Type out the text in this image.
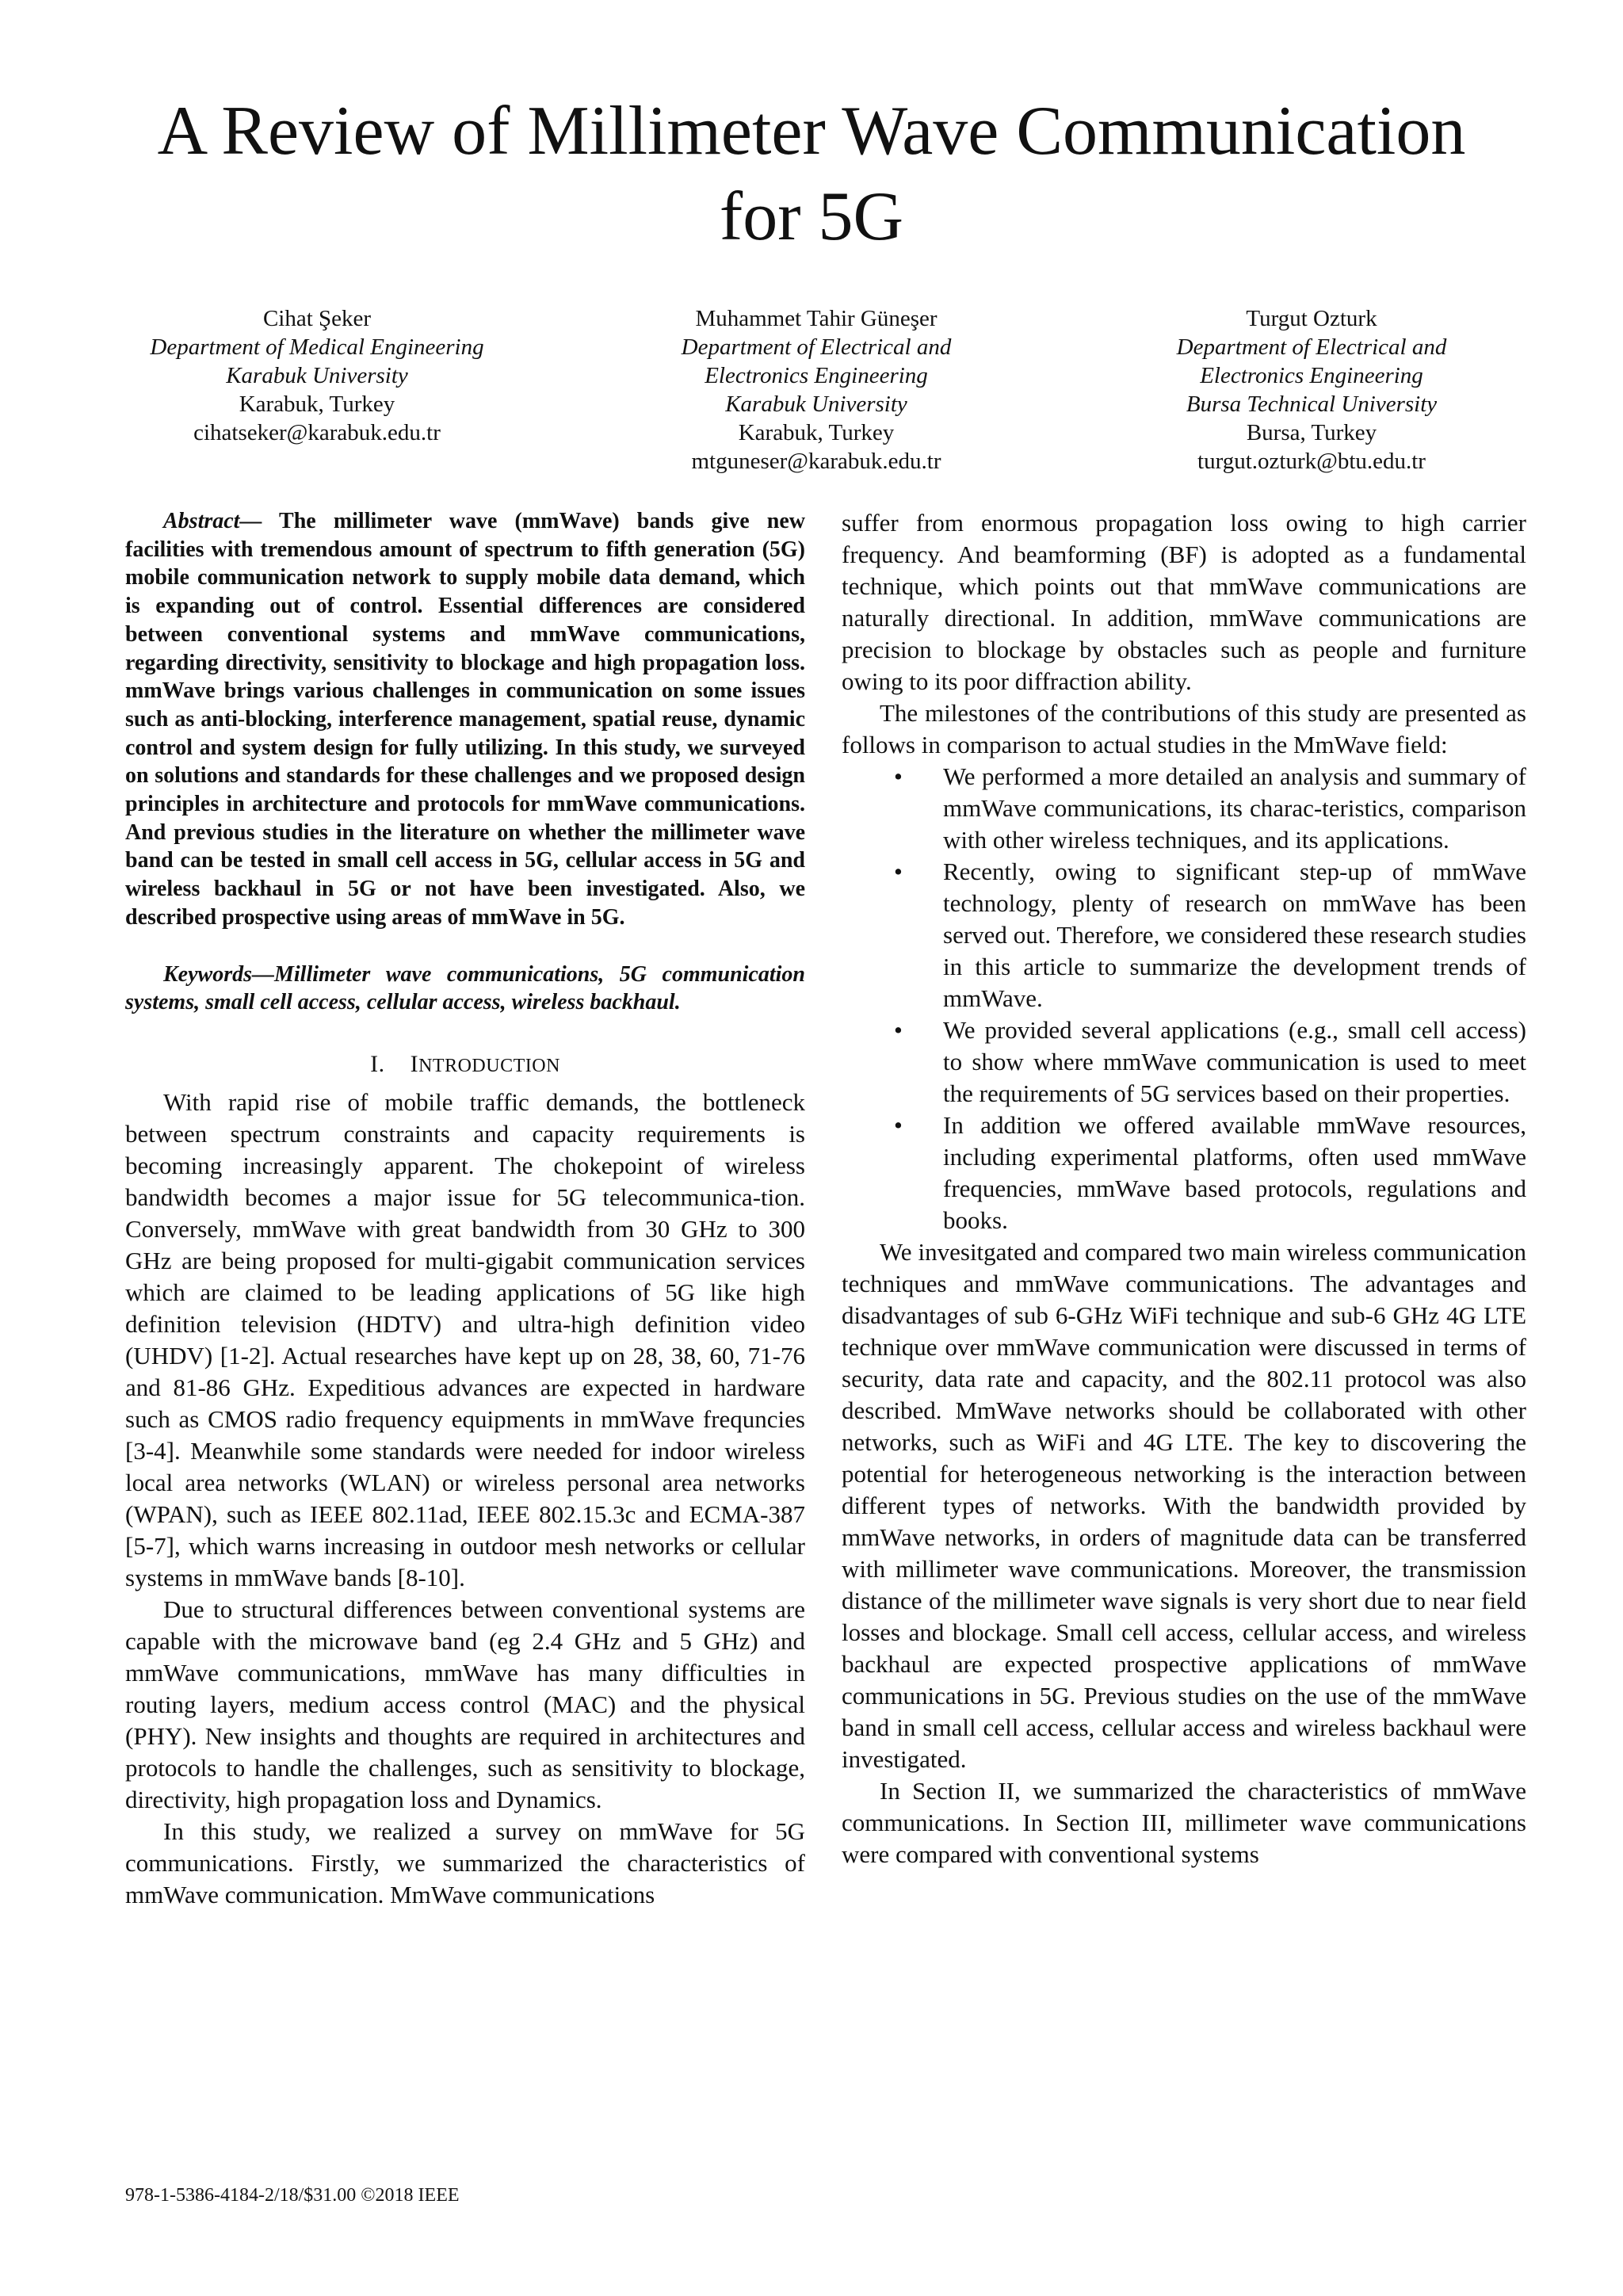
A Review of Millimeter Wave Communication for 5G
Cihat Şeker
Department of Medical Engineering
Karabuk University
Karabuk, Turkey
cihatseker@karabuk.edu.tr
Muhammet Tahir Güneşer
Department of Electrical and
Electronics Engineering
Karabuk University
Karabuk, Turkey
mtguneser@karabuk.edu.tr
Turgut Ozturk
Department of Electrical and
Electronics Engineering
Bursa Technical University
Bursa, Turkey
turgut.ozturk@btu.edu.tr
Abstract— The millimeter wave (mmWave) bands give new facilities with tremendous amount of spectrum to fifth generation (5G) mobile communication network to supply mobile data demand, which is expanding out of control. Essential differences are considered between conventional systems and mmWave communications, regarding directivity, sensitivity to blockage and high propagation loss. mmWave brings various challenges in communication on some issues such as anti-blocking, interference management, spatial reuse, dynamic control and system design for fully utilizing. In this study, we surveyed on solutions and standards for these challenges and we proposed design principles in architecture and protocols for mmWave communications. And previous studies in the literature on whether the millimeter wave band can be tested in small cell access in 5G, cellular access in 5G and wireless backhaul in 5G or not have been investigated. Also, we described prospective using areas of mmWave in 5G.
Keywords—Millimeter wave communications, 5G communication systems, small cell access, cellular access, wireless backhaul.
I. INTRODUCTION

With rapid rise of mobile traffic demands, the bottleneck between spectrum constraints and capacity requirements is becoming increasingly apparent. The chokepoint of wireless bandwidth becomes a major issue for 5G telecommunica-tion. Conversely, mmWave with great bandwidth from 30 GHz to 300 GHz are being proposed for multi-gigabit communication services which are claimed to be leading applications of 5G like high definition television (HDTV) and ultra-high definition video (UHDV) [1-2]. Actual researches have kept up on 28, 38, 60, 71-76 and 81-86 GHz. Expeditious advances are expected in hardware such as CMOS radio frequency equipments in mmWave frequncies [3-4]. Meanwhile some standards were needed for indoor wireless local area networks (WLAN) or wireless personal area networks (WPAN), such as IEEE 802.11ad, IEEE 802.15.3c and ECMA-387 [5-7], which warns increasing in outdoor mesh networks or cellular systems in mmWave bands [8-10].

Due to structural differences between conventional systems are capable with the microwave band (eg 2.4 GHz and 5 GHz) and mmWave communications, mmWave has many difficulties in routing layers, medium access control (MAC) and the physical (PHY). New insights and thoughts are required in architectures and protocols to handle the challenges, such as sensitivity to blockage, directivity, high propagation loss and Dynamics.

In this study, we realized a survey on mmWave for 5G communications. Firstly, we summarized the characteristics of mmWave communication. MmWave communications

suffer from enormous propagation loss owing to high carrier frequency. And beamforming (BF) is adopted as a fundamental technique, which points out that mmWave communications are naturally directional. In addition, mmWave communications are precision to blockage by obstacles such as people and furniture owing to its poor diffraction ability.

The milestones of the contributions of this study are presented as follows in comparison to actual studies in the MmWave field:

• We performed a more detailed an analysis and summary of mmWave communications, its charac-teristics, comparison with other wireless techniques, and its applications.
• Recently, owing to significant step-up of mmWave technology, plenty of research on mmWave has been served out. Therefore, we considered these research studies in this article to summarize the development trends of mmWave.
• We provided several applications (e.g., small cell access) to show where mmWave communication is used to meet the requirements of 5G services based on their properties.
• In addition we offered available mmWave resources, including experimental platforms, often used mmWave frequencies, mmWave based protocols, regulations and books.

We invesitgated and compared two main wireless communication techniques and mmWave communications. The advantages and disadvantages of sub 6-GHz WiFi technique and sub-6 GHz 4G LTE technique over mmWave communication were discussed in terms of security, data rate and capacity, and the 802.11 protocol was also described. MmWave networks should be collaborated with other networks, such as WiFi and 4G LTE. The key to discovering the potential for heterogeneous networking is the interaction between different types of networks. With the bandwidth provided by mmWave networks, in orders of magnitude data can be transferred with millimeter wave communications. Moreover, the transmission distance of the millimeter wave signals is very short due to near field losses and blockage. Small cell access, cellular access, and wireless backhaul are expected prospective applications of mmWave communications in 5G. Previous studies on the use of the mmWave band in small cell access, cellular access and wireless backhaul were investigated.

In Section II, we summarized the characteristics of mmWave communications. In Section III, millimeter wave communications were compared with conventional systems

978-1-5386-4184-2/18/$31.00 ©2018 IEEE
